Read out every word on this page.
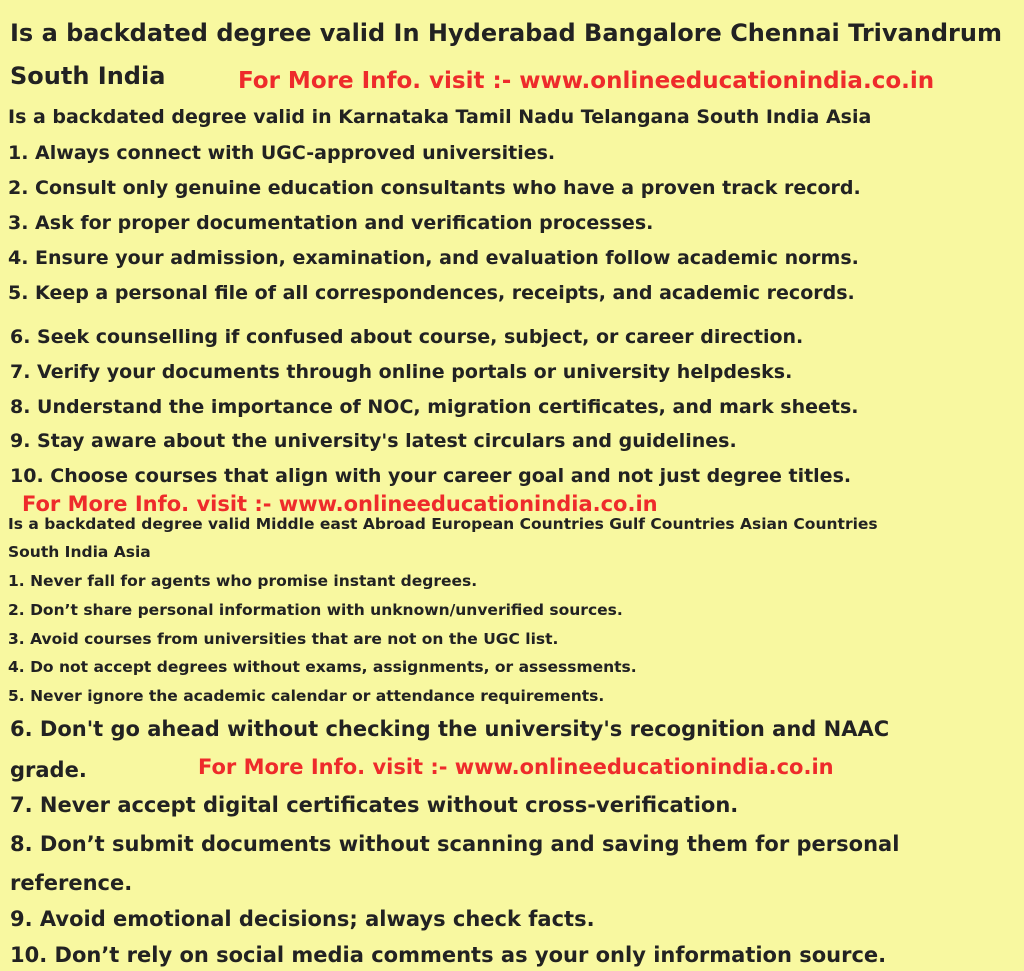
Is a backdated degree valid In Hyderabad Bangalore Chennai Trivandrum
South India	For More Info. visit :- www.onlineeducationindia.co.in
Is a backdated degree valid in Karnataka Tamil Nadu Telangana South India Asia
1. Always connect with UGC-approved universities.
2. Consult only genuine education consultants who have a proven track record.
3. Ask for proper documentation and verification processes.
4. Ensure your admission, examination, and evaluation follow academic norms.
5. Keep a personal file of all correspondences, receipts, and academic records.
6. Seek counselling if confused about course, subject, or career direction.
7. Verify your documents through online portals or university helpdesks.
8. Understand the importance of NOC, migration certificates, and mark sheets.
9. Stay aware about the university's latest circulars and guidelines.
10. Choose courses that align with your career goal and not just degree titles.
For More Info. visit :- www.onlineeducationindia.co.in
Is a backdated degree valid Middle east Abroad European Countries Gulf Countries Asian Countries
South India Asia
1. Never fall for agents who promise instant degrees.
2. Don’t share personal information with unknown/unverified sources.
3. Avoid courses from universities that are not on the UGC list.
4. Do not accept degrees without exams, assignments, or assessments.
5. Never ignore the academic calendar or attendance requirements.
6. Don't go ahead without checking the university's recognition and NAAC
grade.	For More Info. visit :- www.onlineeducationindia.co.in
7. Never accept digital certificates without cross-verification.
8. Don’t submit documents without scanning and saving them for personal
reference.
9. Avoid emotional decisions; always check facts.
10. Don’t rely on social media comments as your only information source.
